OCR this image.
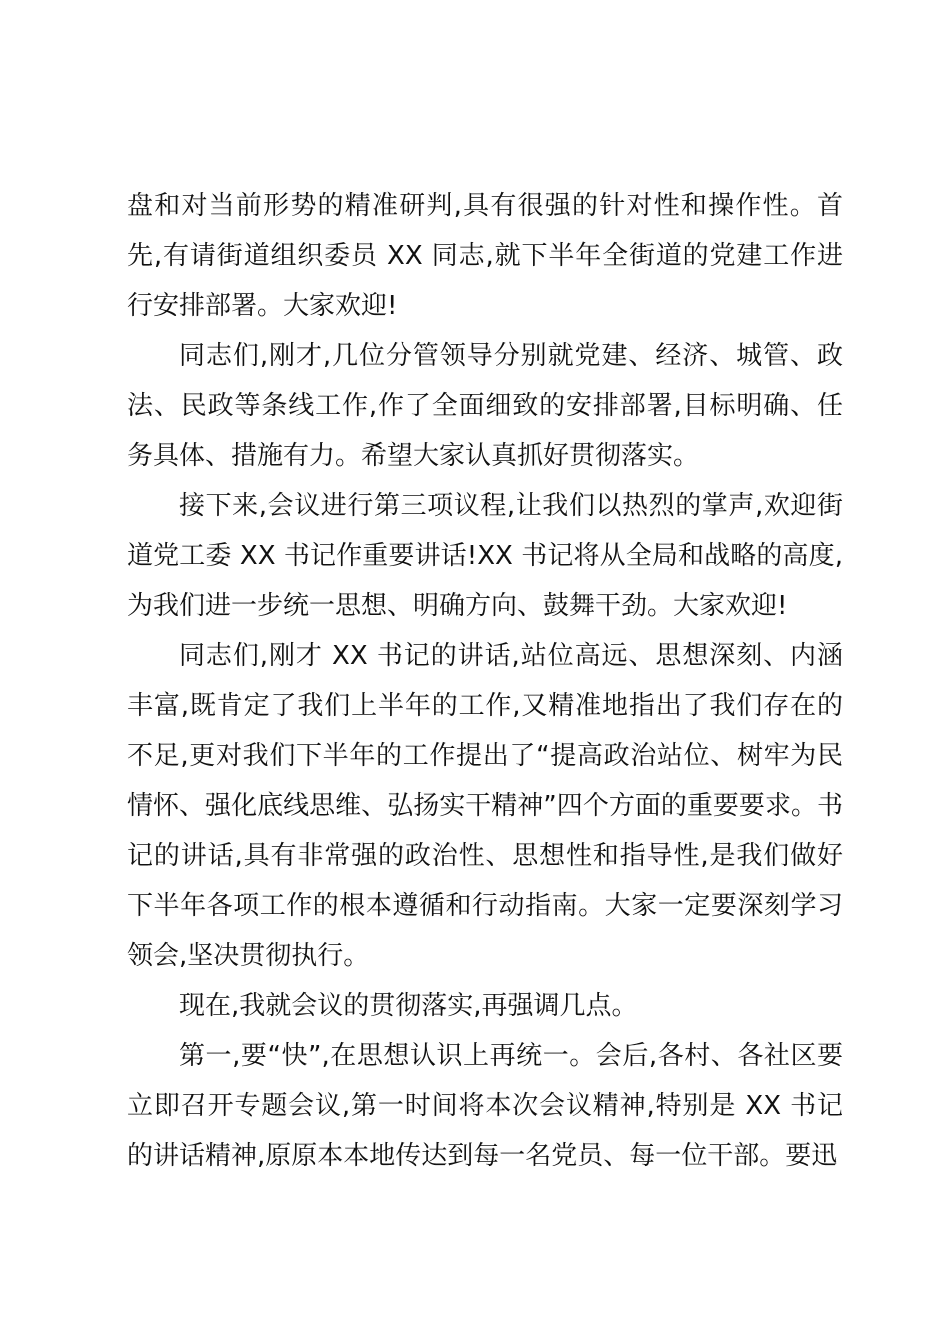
盘和对当前形势的精准研判,具有很强的针对性和操作性。首先,有请街道组织委员 XX 同志,就下半年全街道的党建工作进行安排部署。大家欢迎!

同志们,刚才,几位分管领导分别就党建、经济、城管、政法、民政等条线工作,作了全面细致的安排部署,目标明确、任务具体、措施有力。希望大家认真抓好贯彻落实。

接下来,会议进行第三项议程,让我们以热烈的掌声,欢迎街道党工委 XX 书记作重要讲话!XX 书记将从全局和战略的高度,为我们进一步统一思想、明确方向、鼓舞干劲。大家欢迎!

同志们,刚才 XX 书记的讲话,站位高远、思想深刻、内涵丰富,既肯定了我们上半年的工作,又精准地指出了我们存在的不足,更对我们下半年的工作提出了“提高政治站位、树牢为民情怀、强化底线思维、弘扬实干精神”四个方面的重要要求。书记的讲话,具有非常强的政治性、思想性和指导性,是我们做好下半年各项工作的根本遵循和行动指南。大家一定要深刻学习领会,坚决贯彻执行。

现在,我就会议的贯彻落实,再强调几点。

第一,要“快”,在思想认识上再统一。会后,各村、各社区要立即召开专题会议,第一时间将本次会议精神,特别是 XX 书记的讲话精神,原原本本地传达到每一名党员、每一位干部。要迅
